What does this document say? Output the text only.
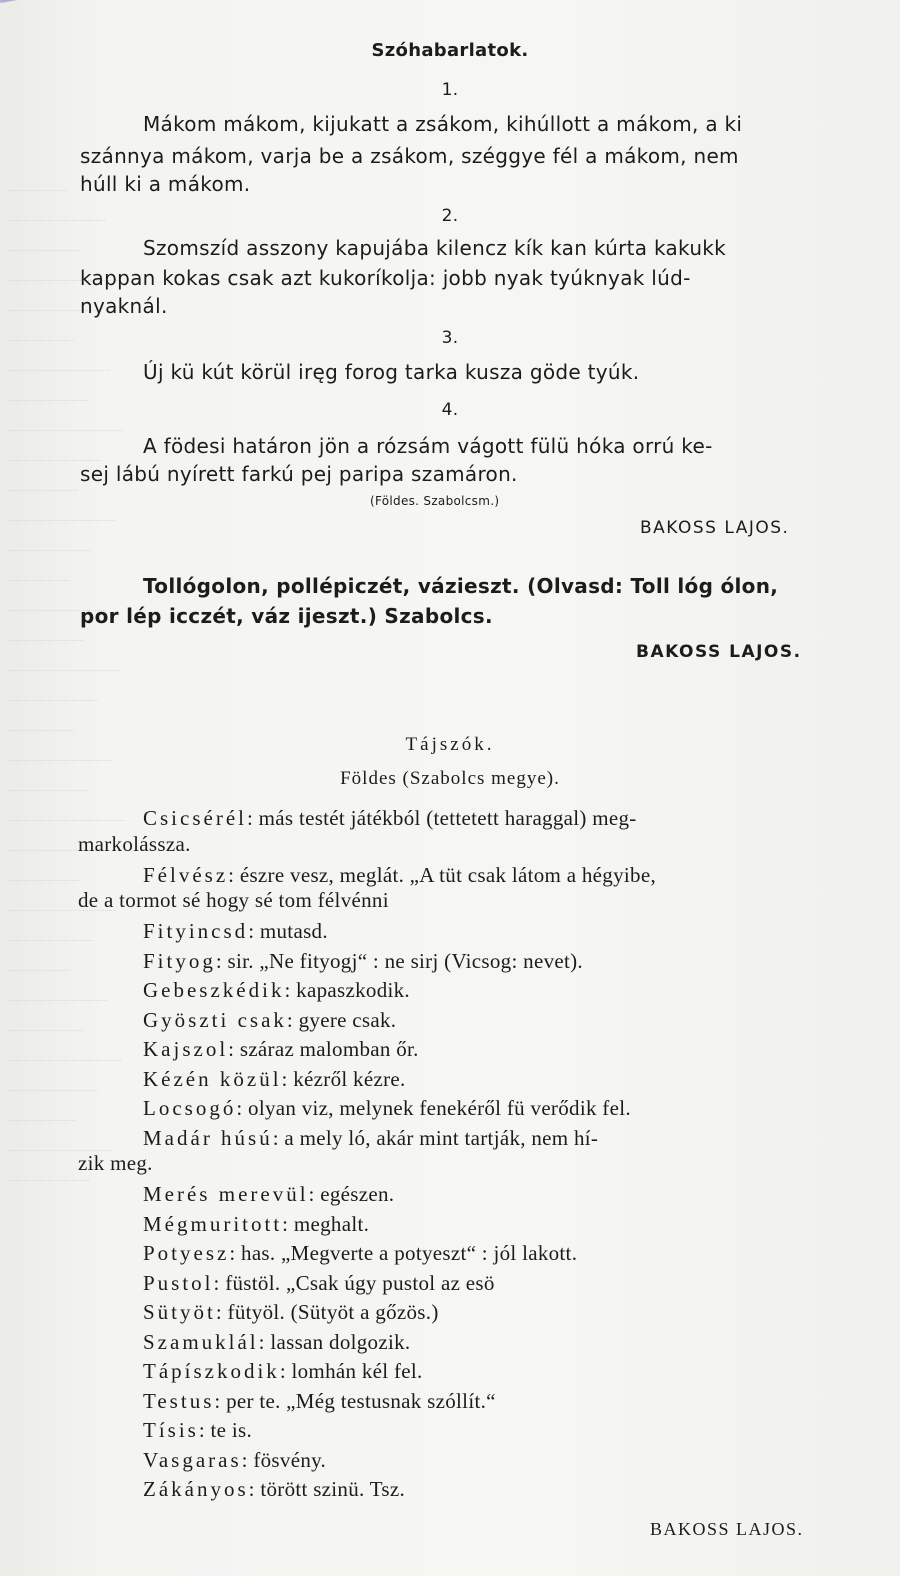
Szóhabarlatok.
1.
Mákom mákom, kijukatt a zsákom, kihúllott a mákom, a ki
szánnya mákom, varja be a zsákom, széggye fél a mákom, nem
húll ki a mákom.
2.
Szomszíd asszony kapujába kilencz kík kan kúrta kakukk
kappan kokas csak azt kukoríkolja: jobb nyak tyúknyak lúd-
nyaknál.
3.
Új kü kút körül iręg forog tarka kusza göde tyúk.
4.
A födesi határon jön a rózsám vágott fülü hóka orrú ke-
sej lábú nyírett farkú pej paripa szamáron.
(Földes. Szabolcsm.)
BAKOSS LAJOS.
Tollógolon, pollépiczét, vázieszt. (Olvasd: Toll lóg ólon,
por lép icczét, váz ijeszt.) Szabolcs.
BAKOSS LAJOS.
Tájszók.
Földes (Szabolcs megye).
Csicsérél: más testét játékból (tettetett haraggal) meg-
markolássza.
Félvész: észre vesz, meglát. „A tüt csak látom a hégyibe,
de a tormot sé hogy sé tom félvénni
Fityincsd: mutasd.
Fityog: sir. „Ne fityogj“ : ne sirj (Vicsog: nevet).
Gebeszkédik: kapaszkodik.
Gyöszti csak: gyere csak.
Kajszol: száraz malomban őr.
Kézén közül: kézről kézre.
Locsogó: olyan viz, melynek fenekéről fü verődik fel.
Madár húsú: a mely ló, akár mint tartják, nem hí-
zik meg.
Merés merevül: egészen.
Mégmuritott: meghalt.
Potyesz: has. „Megverte a potyeszt“ : jól lakott.
Pustol: füstöl. „Csak úgy pustol az esö
Sütyöt: fütyöl. (Sütyöt a gőzös.)
Szamuklál: lassan dolgozik.
Tápíszkodik: lomhán kél fel.
Testus: per te. „Még testusnak szóllít.“
Tísis: te is.
Vasgaras: fösvény.
Zákányos: törött szinü. Tsz.
BAKOSS LAJOS.
